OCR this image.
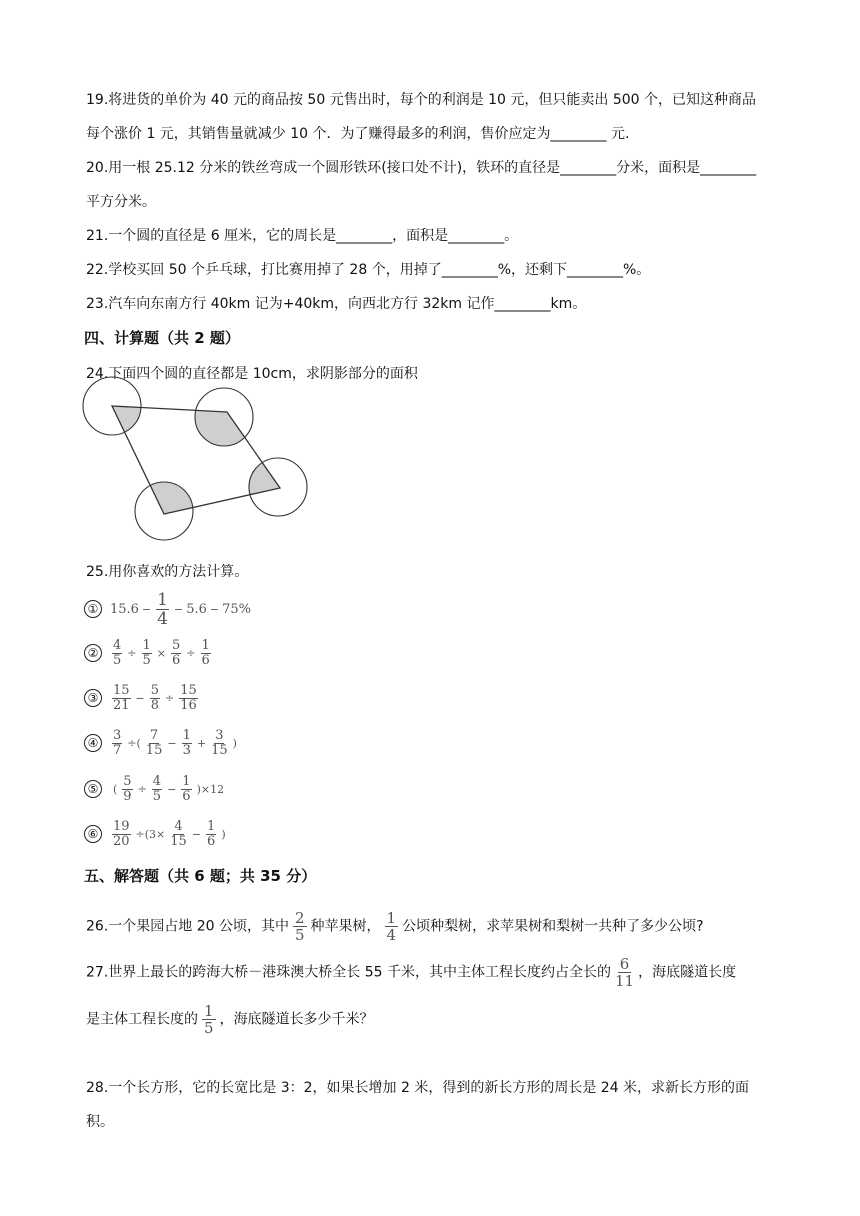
19.将进货的单价为 40 元的商品按 50 元售出时，每个的利润是 10 元，但只能卖出 500 个，已知这种商品
每个涨价 1 元，其销售量就减少 10 个．为了赚得最多的利润，售价应定为________ 元.
20.用一根 25.12 分米的铁丝弯成一个圆形铁环(接口处不计)，铁环的直径是________分米，面积是________
平方分米。
21.一个圆的直径是 6 厘米，它的周长是________，面积是________。
22.学校买回 50 个乒乓球，打比赛用掉了 28 个，用掉了________%，还剩下________%。
23.汽车向东南方行 40km 记为+40km，向西北方行 32km 记作________km。
四、计算题（共 2 题）
24.下面四个圆的直径都是 10cm，求阴影部分的面积
25.用你喜欢的方法计算。
① $15.6 - \frac{1}{4} - 5.6 - 75\%$
② $\frac{4}{5} \div \frac{1}{5} \times \frac{5}{6} \div \frac{1}{6}$
③ $\frac{15}{21} - \frac{5}{8} \div \frac{15}{16}$
④ $\frac{3}{7}$ ÷( $\frac{7}{15} - \frac{1}{3} + \frac{3}{15}$ )
⑤	( $\frac{5}{9} \div \frac{4}{5} - \frac{1}{6} )\times 12$
⑥ $\frac{19}{20} \div(3\times \frac{4}{15} - \frac{1}{6}$ )
五、解答题（共 6 题；共 35 分）
26.一个果园占地 20 公顷，其中 $\frac{2}{5}$ 种苹果树， $\frac{1}{4}$ 公顷种梨树，求苹果树和梨树一共种了多少公顷?
27.世界上最长的跨海大桥－港珠澳大桥全长 55 千米，其中主体工程长度约占全长的 $\frac{6}{11}$ ，海底隧道长度
是主体工程长度的 $\frac{1}{5}$ ，海底隧道长多少千米？
28.一个长方形，它的长宽比是 3：2，如果长增加 2 米，得到的新长方形的周长是 24 米，求新长方形的面
积。
